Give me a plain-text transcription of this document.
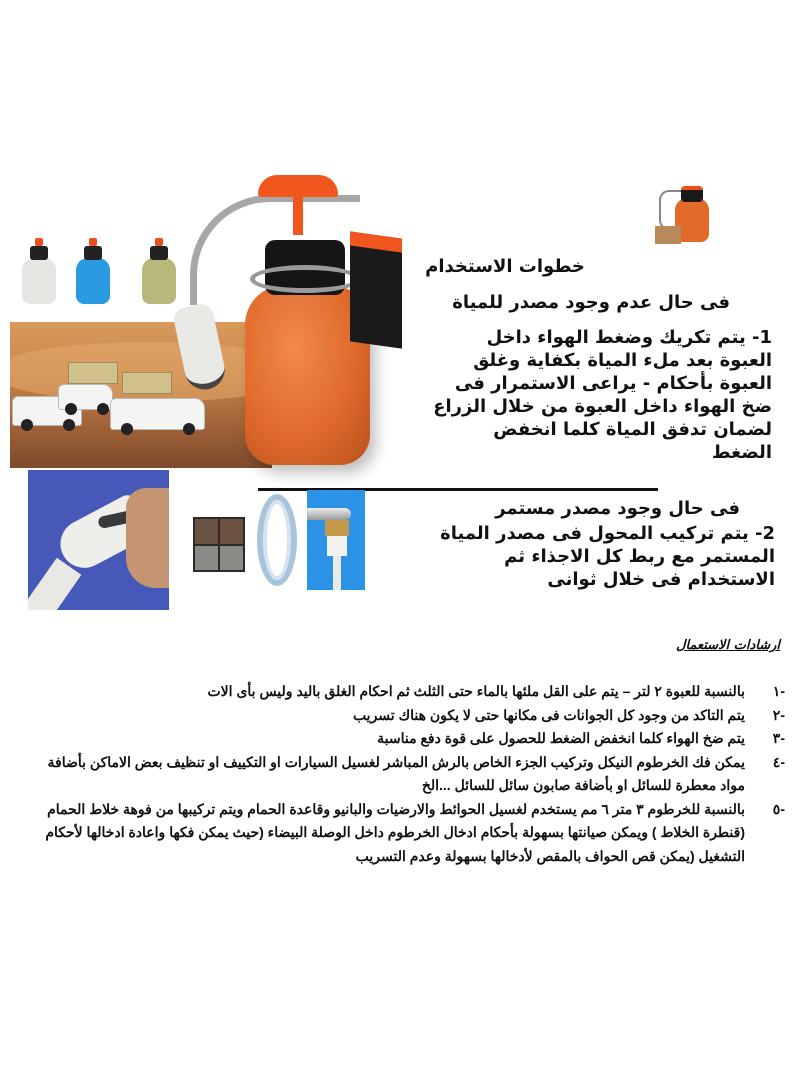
خطوات الاستخدام
فى حال عدم وجود مصدر للمياة
1- يتم تكريك وضغط الهواء داخل العبوة بعد ملء المياة بكفاية وغلق العبوة بأحكام - يراعى الاستمرار فى ضخ الهواء داخل العبوة من خلال الزراع لضمان تدفق المياة كلما انخفض الضغط
فى حال وجود مصدر مستمر
2- يتم تركيب المحول فى مصدر المياة المستمر مع ربط كل الاجذاء ثم الاستخدام فى خلال ثوانى
ارشادات الاستعمال
١-
بالنسبة للعبوة ٢ لتر – يتم على القل ملئها بالماء حتى الثلث ثم احكام الغلق باليد وليس بأى الات
٢-
يتم التاكد من وجود كل الجوانات فى مكانها حتى لا يكون هناك تسريب
٣-
يتم ضخ الهواء كلما انخفض الضغط للحصول على قوة دفع مناسبة
٤-
يمكن فك الخرطوم النيكل وتركيب الجزء الخاص بالرش المباشر لغسيل السيارات او التكييف او تنظيف بعض الاماكن بأضافة مواد معطرة للسائل او بأضافة صابون سائل للسائل ...الخ
٥-
بالنسبة للخرطوم ٣ متر ٦ مم يستخدم لغسيل الحوائط والارضيات والبانيو وقاعدة الحمام ويتم تركيبها من فوهة خلاط الحمام (قنطرة الخلاط ) ويمكن صيانتها بسهولة بأحكام ادخال الخرطوم داخل الوصلة البيضاء (حيث يمكن فكها واعادة ادخالها لأحكام التشغيل (يمكن قص الحواف بالمقص لأدخالها بسهولة وعدم التسريب
